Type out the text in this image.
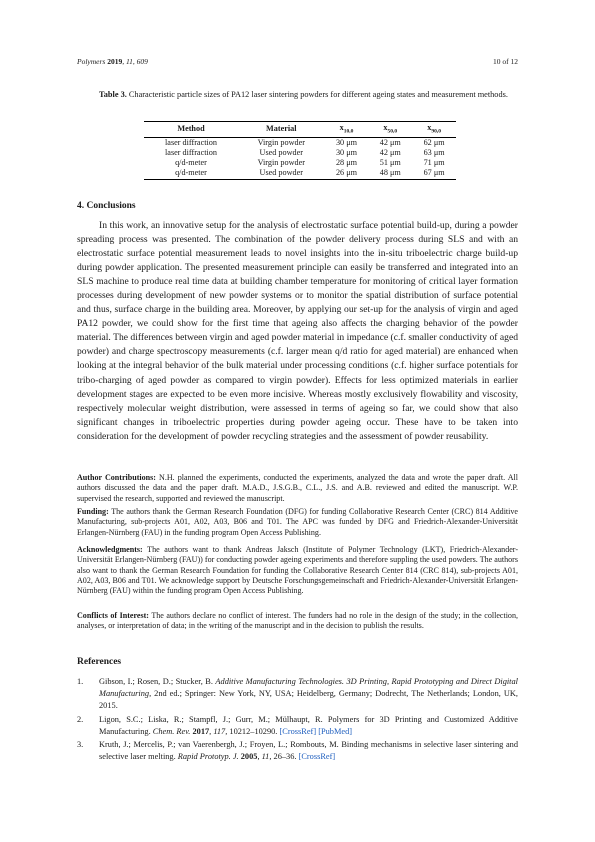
Polymers 2019, 11, 609	10 of 12
Table 3. Characteristic particle sizes of PA12 laser sintering powders for different ageing states and measurement methods.
Method	Material	$x_{10,0}$	$x_{50,0}$	$x_{90,0}$
laser diffraction	Virgin powder	30 μm	42 μm	62 μm
laser diffraction	Used powder	30 μm	42 μm	63 μm
q/d-meter	Virgin powder	28 μm	51 μm	71 μm
q/d-meter	Used powder	26 μm	48 μm	67 μm
4. Conclusions

In this work, an innovative setup for the analysis of electrostatic surface potential build-up, during a powder spreading process was presented. The combination of the powder delivery process during SLS and with an electrostatic surface potential measurement leads to novel insights into the in-situ triboelectric charge build-up during powder application. The presented measurement principle can easily be transferred and integrated into an SLS machine to produce real time data at building chamber temperature for monitoring of critical layer formation processes during development of new powder systems or to monitor the spatial distribution of surface potential and thus, surface charge in the building area. Moreover, by applying our set-up for the analysis of virgin and aged PA12 powder, we could show for the first time that ageing also affects the charging behavior of the powder material. The differences between virgin and aged powder material in impedance (c.f. smaller conductivity of aged powder) and charge spectroscopy measurements (c.f. larger mean q/d ratio for aged material) are enhanced when looking at the integral behavior of the bulk material under processing conditions (c.f. higher surface potentials for tribo-charging of aged powder as compared to virgin powder). Effects for less optimized materials in earlier development stages are expected to be even more incisive. Whereas mostly exclusively flowability and viscosity, respectively molecular weight distribution, were assessed in terms of ageing so far, we could show that also significant changes in triboelectric properties during powder ageing occur. These have to be taken into consideration for the development of powder recycling strategies and the assessment of powder reusability.

Author Contributions: N.H. planned the experiments, conducted the experiments, analyzed the data and wrote the paper draft. All authors discussed the data and the paper draft. M.A.D., J.S.G.B., C.L., J.S. and A.B. reviewed and edited the manuscript. W.P. supervised the research, supported and reviewed the manuscript.

Funding: The authors thank the German Research Foundation (DFG) for funding Collaborative Research Center (CRC) 814 Additive Manufacturing, sub-projects A01, A02, A03, B06 and T01. The APC was funded by DFG and Friedrich-Alexander-Universität Erlangen-Nürnberg (FAU) in the funding program Open Access Publishing.

Acknowledgments: The authors want to thank Andreas Jaksch (Institute of Polymer Technology (LKT), Friedrich-Alexander-Universität Erlangen-Nürnberg (FAU)) for conducting powder ageing experiments and therefore suppling the used powders. The authors also want to thank the German Research Foundation for funding the Collaborative Research Center 814 (CRC 814), sub-projects A01, A02, A03, B06 and T01. We acknowledge support by Deutsche Forschungsgemeinschaft and Friedrich-Alexander-Universität Erlangen-Nürnberg (FAU) within the funding program Open Access Publishing.

Conflicts of Interest: The authors declare no conflict of interest. The funders had no role in the design of the study; in the collection, analyses, or interpretation of data; in the writing of the manuscript and in the decision to publish the results.

References
1.	Gibson, I.; Rosen, D.; Stucker, B. Additive Manufacturing Technologies. 3D Printing, Rapid Prototyping and Direct Digital Manufacturing, 2nd ed.; Springer: New York, NY, USA; Heidelberg, Germany; Dodrecht, The Netherlands; London, UK, 2015.
2.	Ligon, S.C.; Liska, R.; Stampfl, J.; Gurr, M.; Mülhaupt, R. Polymers for 3D Printing and Customized Additive Manufacturing. Chem. Rev. 2017, 117, 10212–10290. [CrossRef] [PubMed]
3.	Kruth, J.; Mercelis, P.; van Vaerenbergh, J.; Froyen, L.; Rombouts, M. Binding mechanisms in selective laser sintering and selective laser melting. Rapid Prototyp. J. 2005, 11, 26–36. [CrossRef]
